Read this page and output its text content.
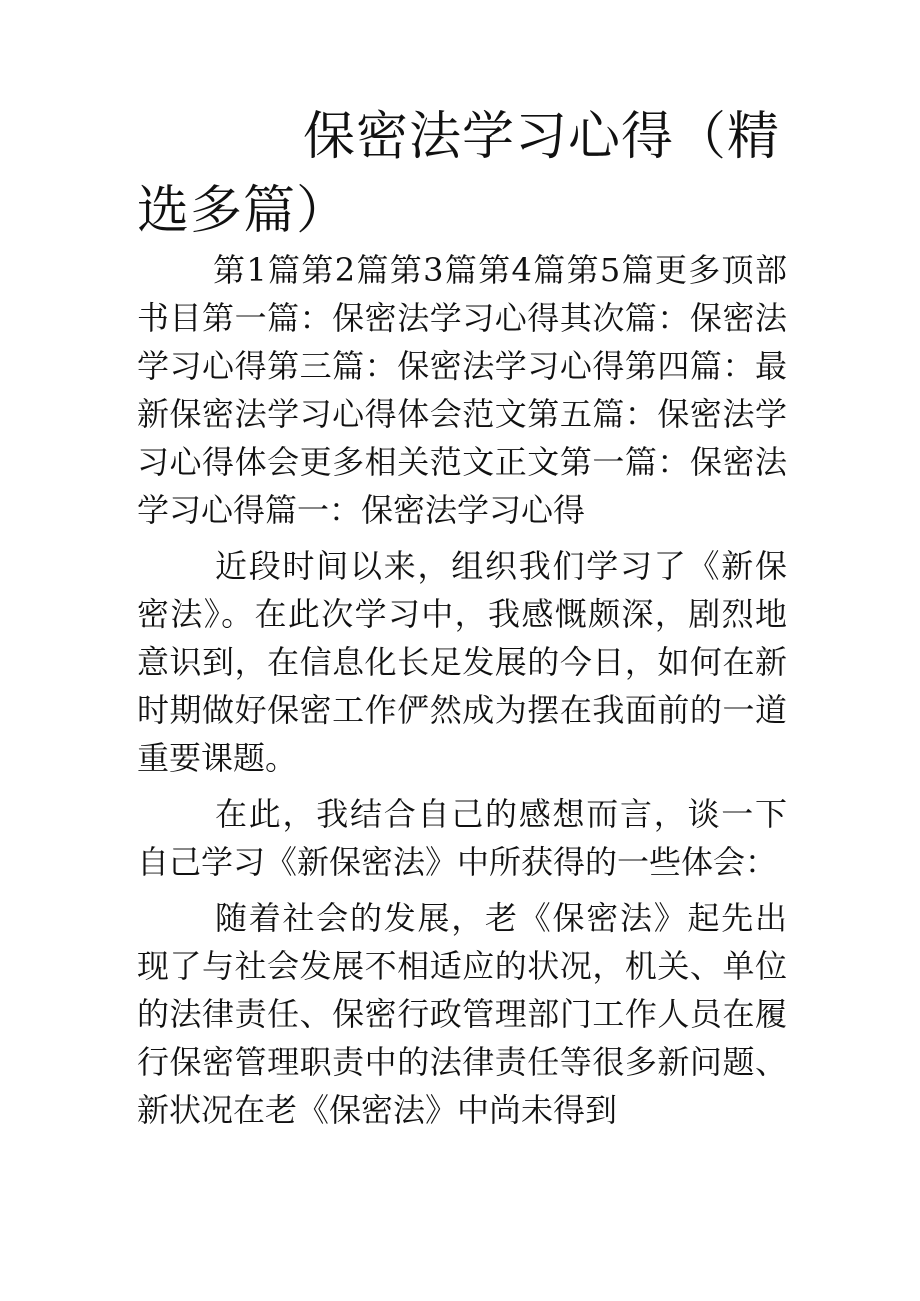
保密法学习心得（精选多篇）

第1篇第2篇第3篇第4篇第5篇更多顶部书目第一篇：保密法学习心得其次篇：保密法学习心得第三篇：保密法学习心得第四篇：最新保密法学习心得体会范文第五篇：保密法学习心得体会更多相关范文正文第一篇：保密法学习心得篇一：保密法学习心得

近段时间以来，组织我们学习了《新保密法》。在此次学习中，我感慨颇深，剧烈地意识到，在信息化长足发展的今日，如何在新时期做好保密工作俨然成为摆在我面前的一道重要课题。

在此，我结合自己的感想而言，谈一下自己学习《新保密法》中所获得的一些体会：

随着社会的发展，老《保密法》起先出现了与社会发展不相适应的状况，机关、单位的法律责任、保密行政管理部门工作人员在履行保密管理职责中的法律责任等很多新问题、新状况在老《保密法》中尚未得到
